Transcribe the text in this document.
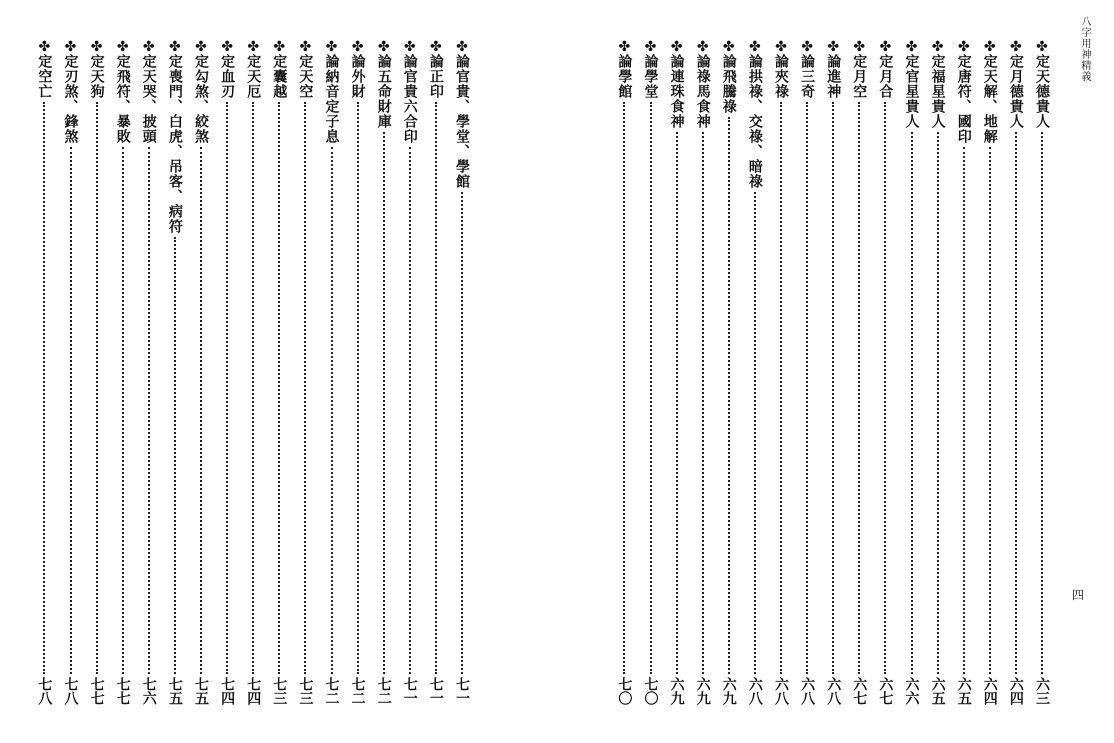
✤
論官貴、學堂、學館
七一
✤
論正印
七一
✤
論官貴六合印
七一
✤
論五命財庫
七二
✤
論外財
七二
✤
論納音定子息
七二
✤
定天空
七三
✤
定囊越
七三
✤
定天厄
七四
✤
定血刃
七四
✤
定勾煞、絞煞
七五
✤
定喪門、白虎、吊客、病符
七五
✤
定天哭、披頭
七六
✤
定飛符、暴敗
七七
✤
定天狗
七七
✤
定刃煞、鋒煞
七八
✤
定空亡
七八
八字用神精義
四
✤
定天德貴人
六三
✤
定月德貴人
六四
✤
定天解、地解
六四
✤
定唐符、國印
六五
✤
定福星貴人
六五
✤
定官星貴人
六六
✤
定月合
六七
✤
定月空
六七
✤
論進神
六八
✤
論三奇
六八
✤
論夾祿
六八
✤
論拱祿、交祿、暗祿
六八
✤
論飛騰祿
六九
✤
論祿馬食神
六九
✤
論連珠食神
六九
✤
論學堂
七〇
✤
論學館
七〇
